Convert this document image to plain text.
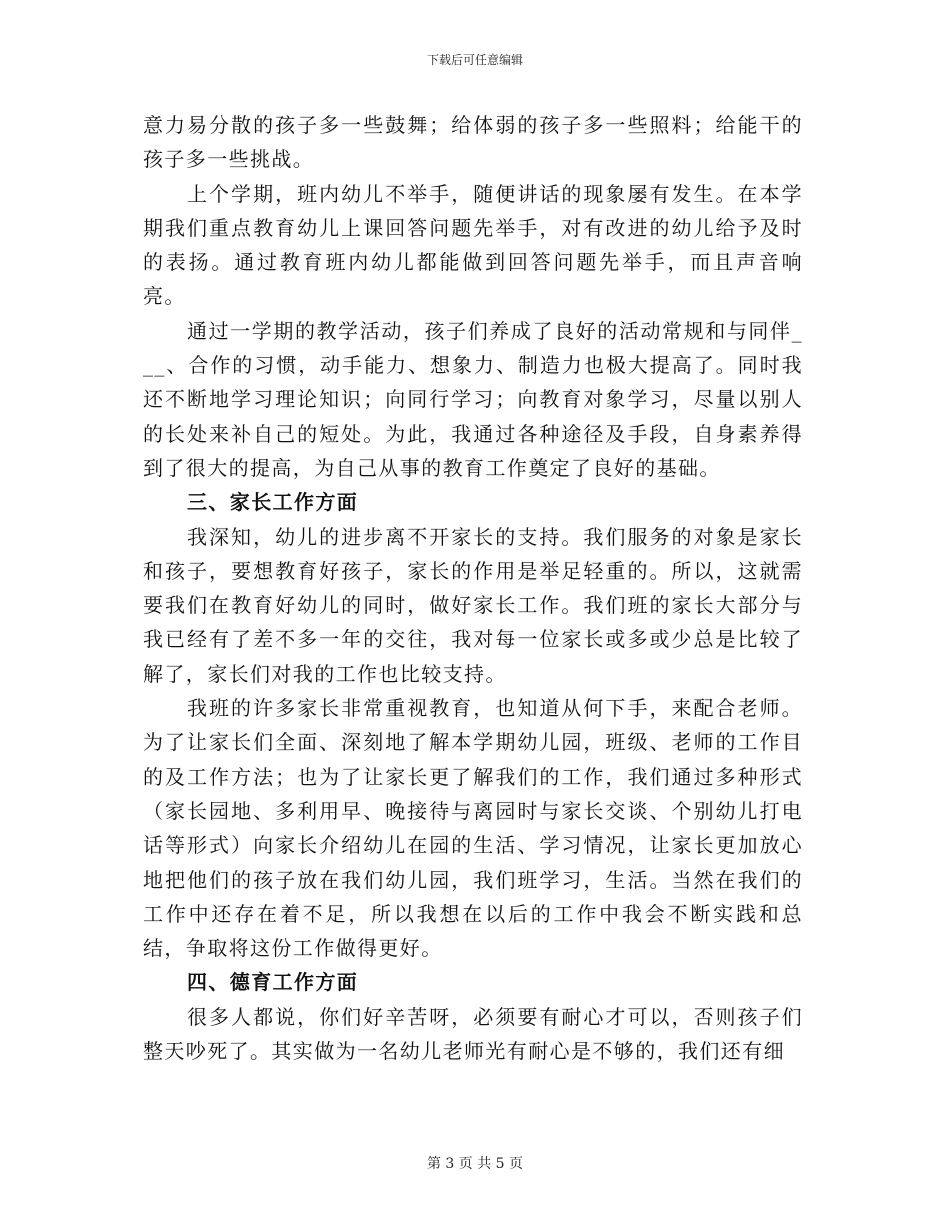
下载后可任意编辑

意力易分散的孩子多一些鼓舞；给体弱的孩子多一些照料；给能干的孩子多一些挑战。

上个学期，班内幼儿不举手，随便讲话的现象屡有发生。在本学期我们重点教育幼儿上课回答问题先举手，对有改进的幼儿给予及时的表扬。通过教育班内幼儿都能做到回答问题先举手，而且声音响亮。

通过一学期的教学活动，孩子们养成了良好的活动常规和与同伴___、合作的习惯，动手能力、想象力、制造力也极大提高了。同时我还不断地学习理论知识；向同行学习；向教育对象学习，尽量以别人的长处来补自己的短处。为此，我通过各种途径及手段，自身素养得到了很大的提高，为自己从事的教育工作奠定了良好的基础。

三、家长工作方面

我深知，幼儿的进步离不开家长的支持。我们服务的对象是家长和孩子，要想教育好孩子，家长的作用是举足轻重的。所以，这就需要我们在教育好幼儿的同时，做好家长工作。我们班的家长大部分与我已经有了差不多一年的交往，我对每一位家长或多或少总是比较了解了，家长们对我的工作也比较支持。

我班的许多家长非常重视教育，也知道从何下手，来配合老师。为了让家长们全面、深刻地了解本学期幼儿园，班级、老师的工作目的及工作方法；也为了让家长更了解我们的工作，我们通过多种形式（家长园地、多利用早、晚接待与离园时与家长交谈、个别幼儿打电话等形式）向家长介绍幼儿在园的生活、学习情况，让家长更加放心地把他们的孩子放在我们幼儿园，我们班学习，生活。当然在我们的工作中还存在着不足，所以我想在以后的工作中我会不断实践和总结，争取将这份工作做得更好。

四、德育工作方面

很多人都说，你们好辛苦呀，必须要有耐心才可以，否则孩子们整天吵死了。其实做为一名幼儿老师光有耐心是不够的，我们还有细

第 3 页 共 5 页
